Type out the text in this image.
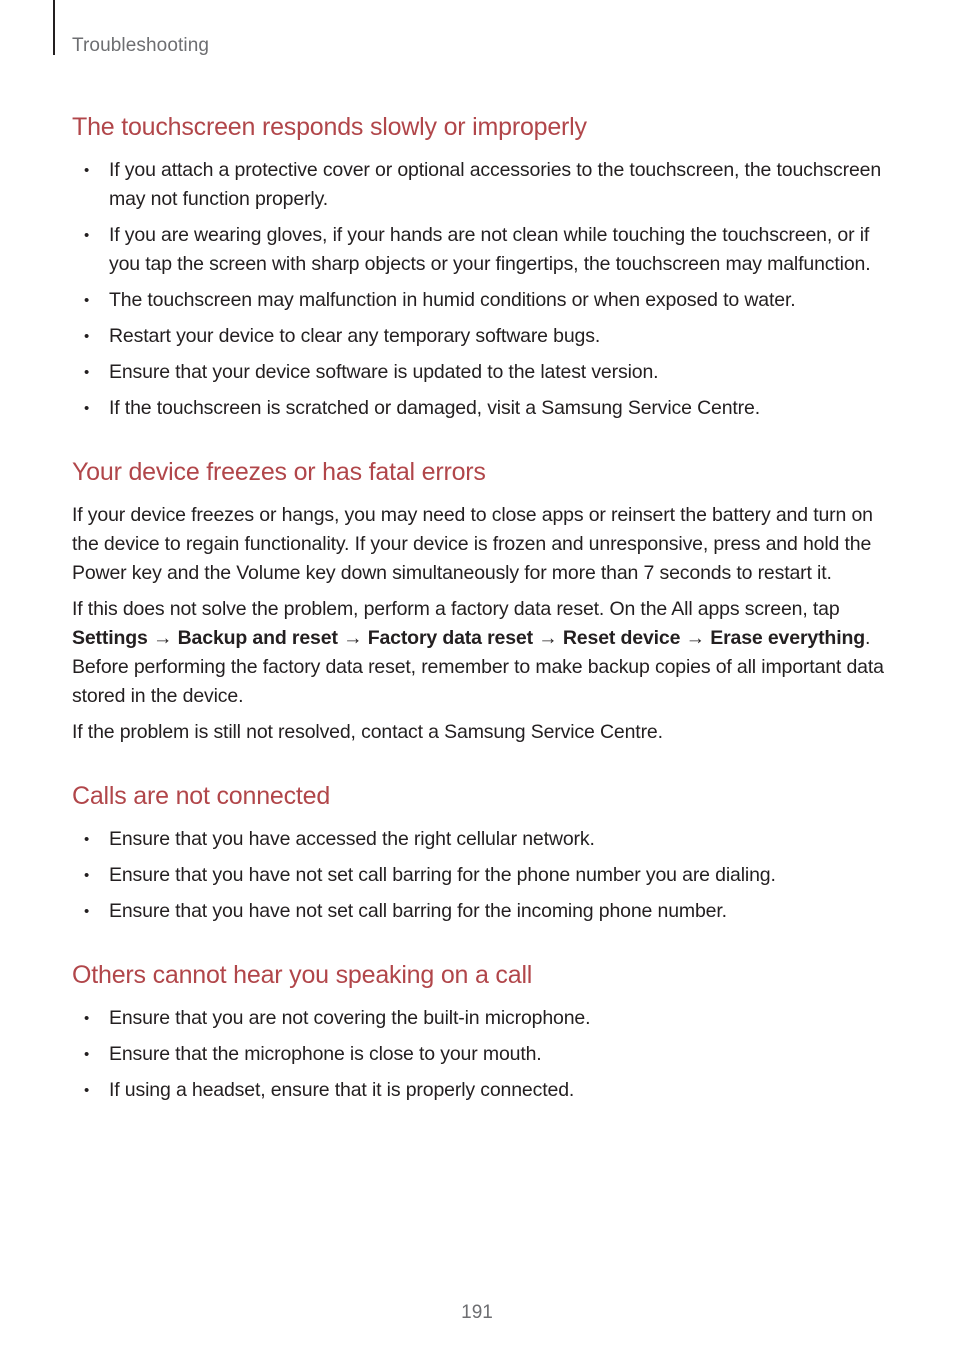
Troubleshooting
The touchscreen responds slowly or improperly
• If you attach a protective cover or optional accessories to the touchscreen, the touchscreen may not function properly.
• If you are wearing gloves, if your hands are not clean while touching the touchscreen, or if you tap the screen with sharp objects or your fingertips, the touchscreen may malfunction.
• The touchscreen may malfunction in humid conditions or when exposed to water.
• Restart your device to clear any temporary software bugs.
• Ensure that your device software is updated to the latest version.
• If the touchscreen is scratched or damaged, visit a Samsung Service Centre.
Your device freezes or has fatal errors

If your device freezes or hangs, you may need to close apps or reinsert the battery and turn on the device to regain functionality. If your device is frozen and unresponsive, press and hold the Power key and the Volume key down simultaneously for more than 7 seconds to restart it.

If this does not solve the problem, perform a factory data reset. On the All apps screen, tap Settings → Backup and reset → Factory data reset → Reset device → Erase everything. Before performing the factory data reset, remember to make backup copies of all important data stored in the device.

If the problem is still not resolved, contact a Samsung Service Centre.

Calls are not connected
• Ensure that you have accessed the right cellular network.
• Ensure that you have not set call barring for the phone number you are dialing.
• Ensure that you have not set call barring for the incoming phone number.
Others cannot hear you speaking on a call
• Ensure that you are not covering the built-in microphone.
• Ensure that the microphone is close to your mouth.
• If using a headset, ensure that it is properly connected.
191
